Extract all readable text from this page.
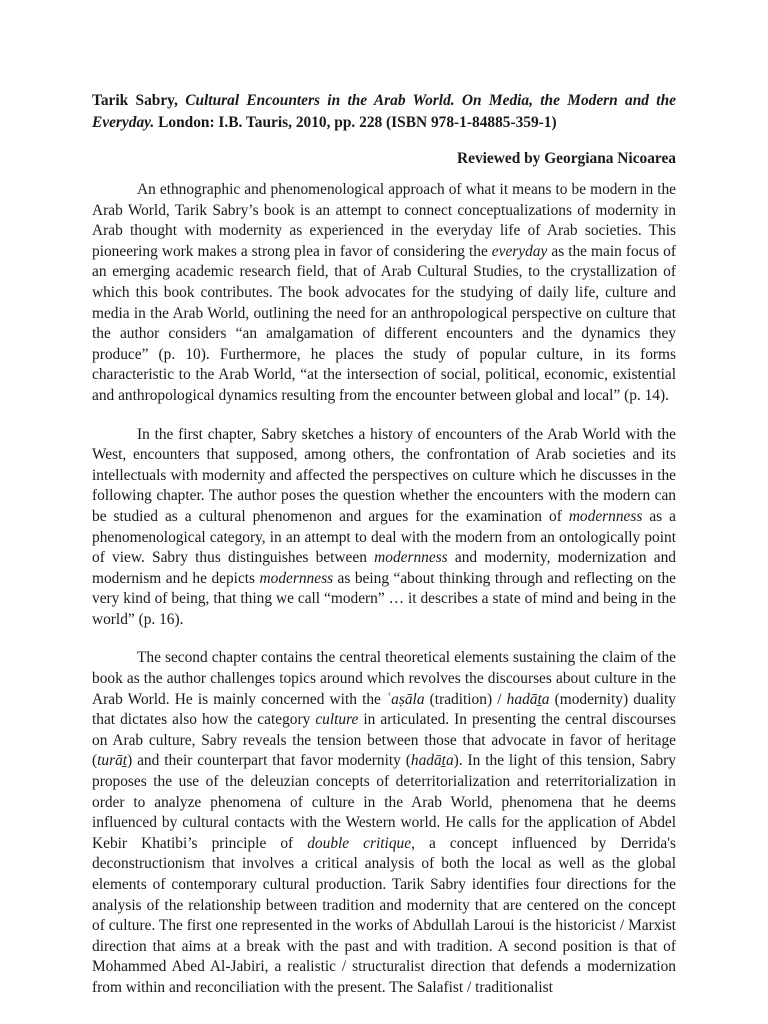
Tarik Sabry, Cultural Encounters in the Arab World. On Media, the Modern and the Everyday. London: I.B. Tauris, 2010, pp. 228 (ISBN 978-1-84885-359-1)

Reviewed by Georgiana Nicoarea

An ethnographic and phenomenological approach of what it means to be modern in the Arab World, Tarik Sabry’s book is an attempt to connect conceptualizations of modernity in Arab thought with modernity as experienced in the everyday life of Arab societies. This pioneering work makes a strong plea in favor of considering the everyday as the main focus of an emerging academic research field, that of Arab Cultural Studies, to the crystallization of which this book contributes. The book advocates for the studying of daily life, culture and media in the Arab World, outlining the need for an anthropological perspective on culture that the author considers “an amalgamation of different encounters and the dynamics they produce” (p. 10). Furthermore, he places the study of popular culture, in its forms characteristic to the Arab World, “at the intersection of social, political, economic, existential and anthropological dynamics resulting from the encounter between global and local” (p. 14).

In the first chapter, Sabry sketches a history of encounters of the Arab World with the West, encounters that supposed, among others, the confrontation of Arab societies and its intellectuals with modernity and affected the perspectives on culture which he discusses in the following chapter. The author poses the question whether the encounters with the modern can be studied as a cultural phenomenon and argues for the examination of modernness as a phenomenological category, in an attempt to deal with the modern from an ontologically point of view. Sabry thus distinguishes between modernness and modernity, modernization and modernism and he depicts modernness as being “about thinking through and reflecting on the very kind of being, that thing we call “modern” … it describes a state of mind and being in the world” (p. 16).

The second chapter contains the central theoretical elements sustaining the claim of the book as the author challenges topics around which revolves the discourses about culture in the Arab World. He is mainly concerned with the ʿaṣāla (tradition) / hadāṯa (modernity) duality that dictates also how the category culture in articulated. In presenting the central discourses on Arab culture, Sabry reveals the tension between those that advocate in favor of heritage (turāṯ) and their counterpart that favor modernity (hadāṯa). In the light of this tension, Sabry proposes the use of the deleuzian concepts of deterritorialization and reterritorialization in order to analyze phenomena of culture in the Arab World, phenomena that he deems influenced by cultural contacts with the Western world. He calls for the application of Abdel Kebir Khatibi’s principle of double critique, a concept influenced by Derrida's deconstructionism that involves a critical analysis of both the local as well as the global elements of contemporary cultural production. Tarik Sabry identifies four directions for the analysis of the relationship between tradition and modernity that are centered on the concept of culture. The first one represented in the works of Abdullah Laroui is the historicist / Marxist direction that aims at a break with the past and with tradition. A second position is that of Mohammed Abed Al-Jabiri, a realistic / structuralist direction that defends a modernization from within and reconciliation with the present. The Salafist / traditionalist
